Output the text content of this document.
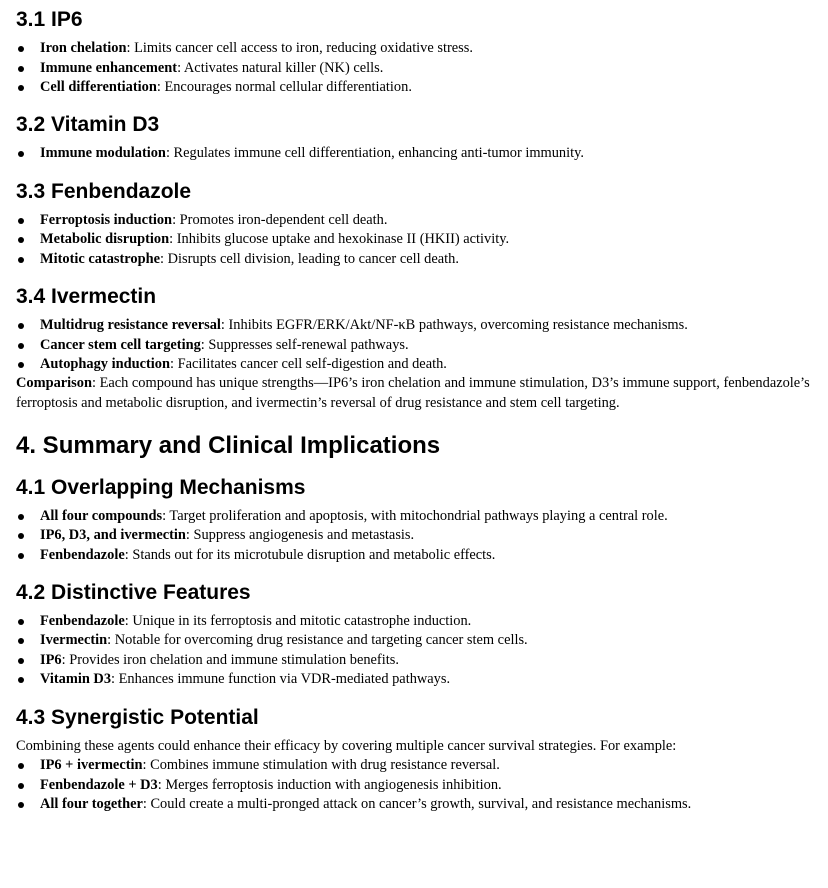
3.1 IP6
Iron chelation: Limits cancer cell access to iron, reducing oxidative stress.
Immune enhancement: Activates natural killer (NK) cells.
Cell differentiation: Encourages normal cellular differentiation.
3.2 Vitamin D3
Immune modulation: Regulates immune cell differentiation, enhancing anti-tumor immunity.
3.3 Fenbendazole
Ferroptosis induction: Promotes iron-dependent cell death.
Metabolic disruption: Inhibits glucose uptake and hexokinase II (HKII) activity.
Mitotic catastrophe: Disrupts cell division, leading to cancer cell death.
3.4 Ivermectin
Multidrug resistance reversal: Inhibits EGFR/ERK/Akt/NF-κB pathways, overcoming resistance mechanisms.
Cancer stem cell targeting: Suppresses self-renewal pathways.
Autophagy induction: Facilitates cancer cell self-digestion and death.

Comparison: Each compound has unique strengths—IP6’s iron chelation and immune stimulation, D3’s immune support, fenbendazole’s ferroptosis and metabolic disruption, and ivermectin’s reversal of drug resistance and stem cell targeting.

4. Summary and Clinical Implications
4.1 Overlapping Mechanisms
All four compounds: Target proliferation and apoptosis, with mitochondrial pathways playing a central role.
IP6, D3, and ivermectin: Suppress angiogenesis and metastasis.
Fenbendazole: Stands out for its microtubule disruption and metabolic effects.
4.2 Distinctive Features
Fenbendazole: Unique in its ferroptosis and mitotic catastrophe induction.
Ivermectin: Notable for overcoming drug resistance and targeting cancer stem cells.
IP6: Provides iron chelation and immune stimulation benefits.
Vitamin D3: Enhances immune function via VDR-mediated pathways.
4.3 Synergistic Potential

Combining these agents could enhance their efficacy by covering multiple cancer survival strategies. For example:

IP6 + ivermectin: Combines immune stimulation with drug resistance reversal.
Fenbendazole + D3: Merges ferroptosis induction with angiogenesis inhibition.
All four together: Could create a multi-pronged attack on cancer’s growth, survival, and resistance mechanisms.
